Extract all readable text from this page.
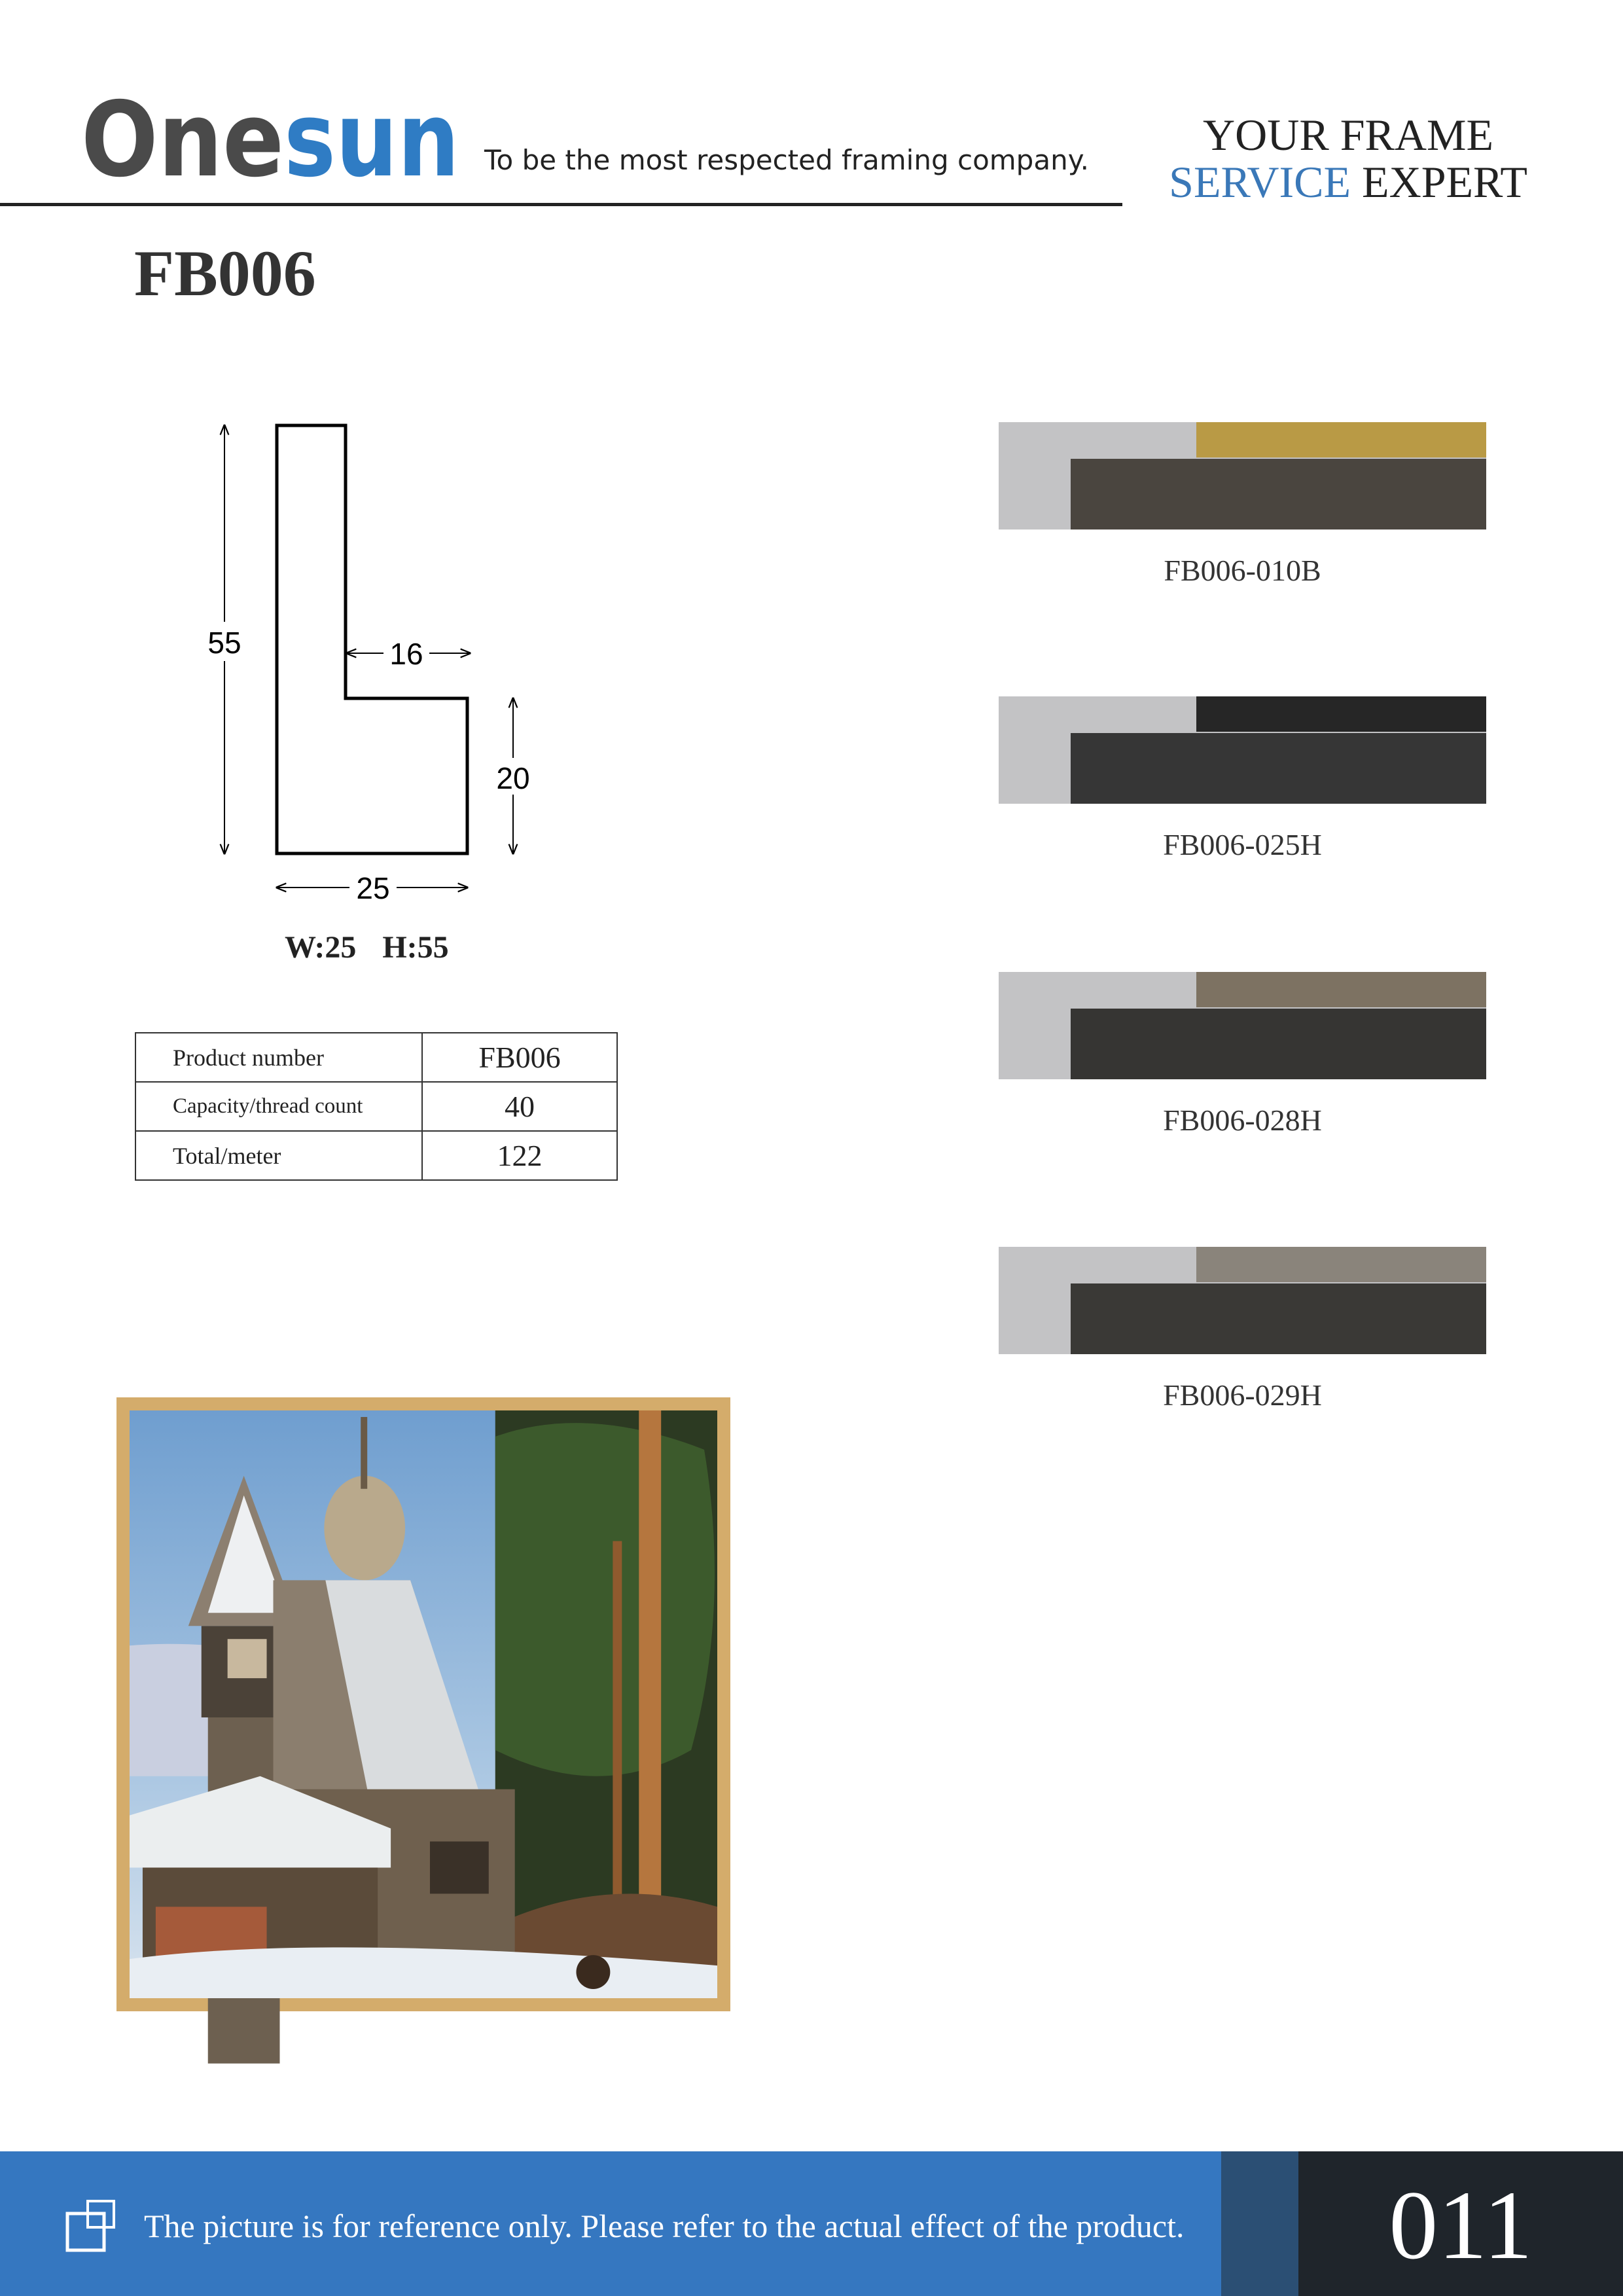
One sun To be the most respected framing company.
YOUR FRAME
SERVICE EXPERT
FB006
55	16
20
25
W:25 H:55
Product number	FB006
Capacity/thread count	40
Total/meter	122
FB006-010B
FB006-025H
FB006-028H
FB006-029H
The picture is for reference only. Please refer to the actual effect of the product.	011
